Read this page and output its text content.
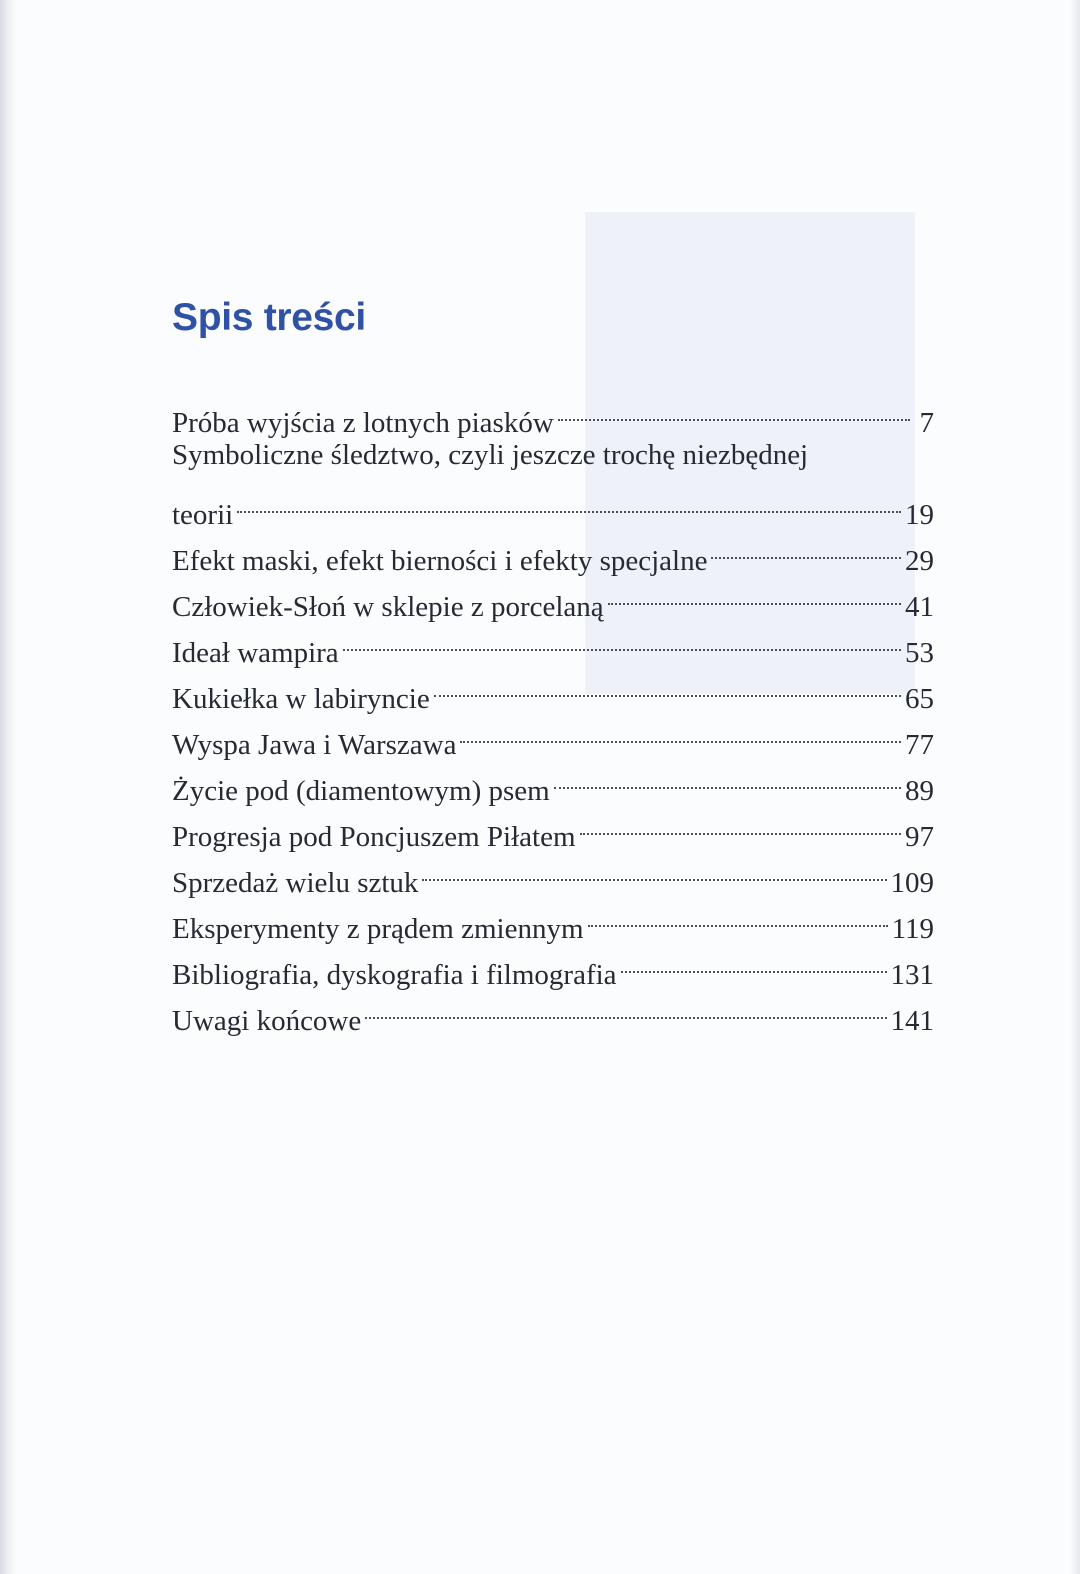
Spis treści
Próba wyjścia z lotnych piasków	7
Symboliczne śledztwo, czyli jeszcze trochę niezbędnej
teorii	19
Efekt maski, efekt bierności i efekty specjalne	29
Człowiek-Słoń w sklepie z porcelaną	41
Ideał wampira	53
Kukiełka w labiryncie	65
Wyspa Jawa i Warszawa	77
Życie pod (diamentowym) psem	89
Progresja pod Poncjuszem Piłatem	97
Sprzedaż wielu sztuk	109
Eksperymenty z prądem zmiennym	119
Bibliografia, dyskografia i filmografia	131
Uwagi końcowe	141
